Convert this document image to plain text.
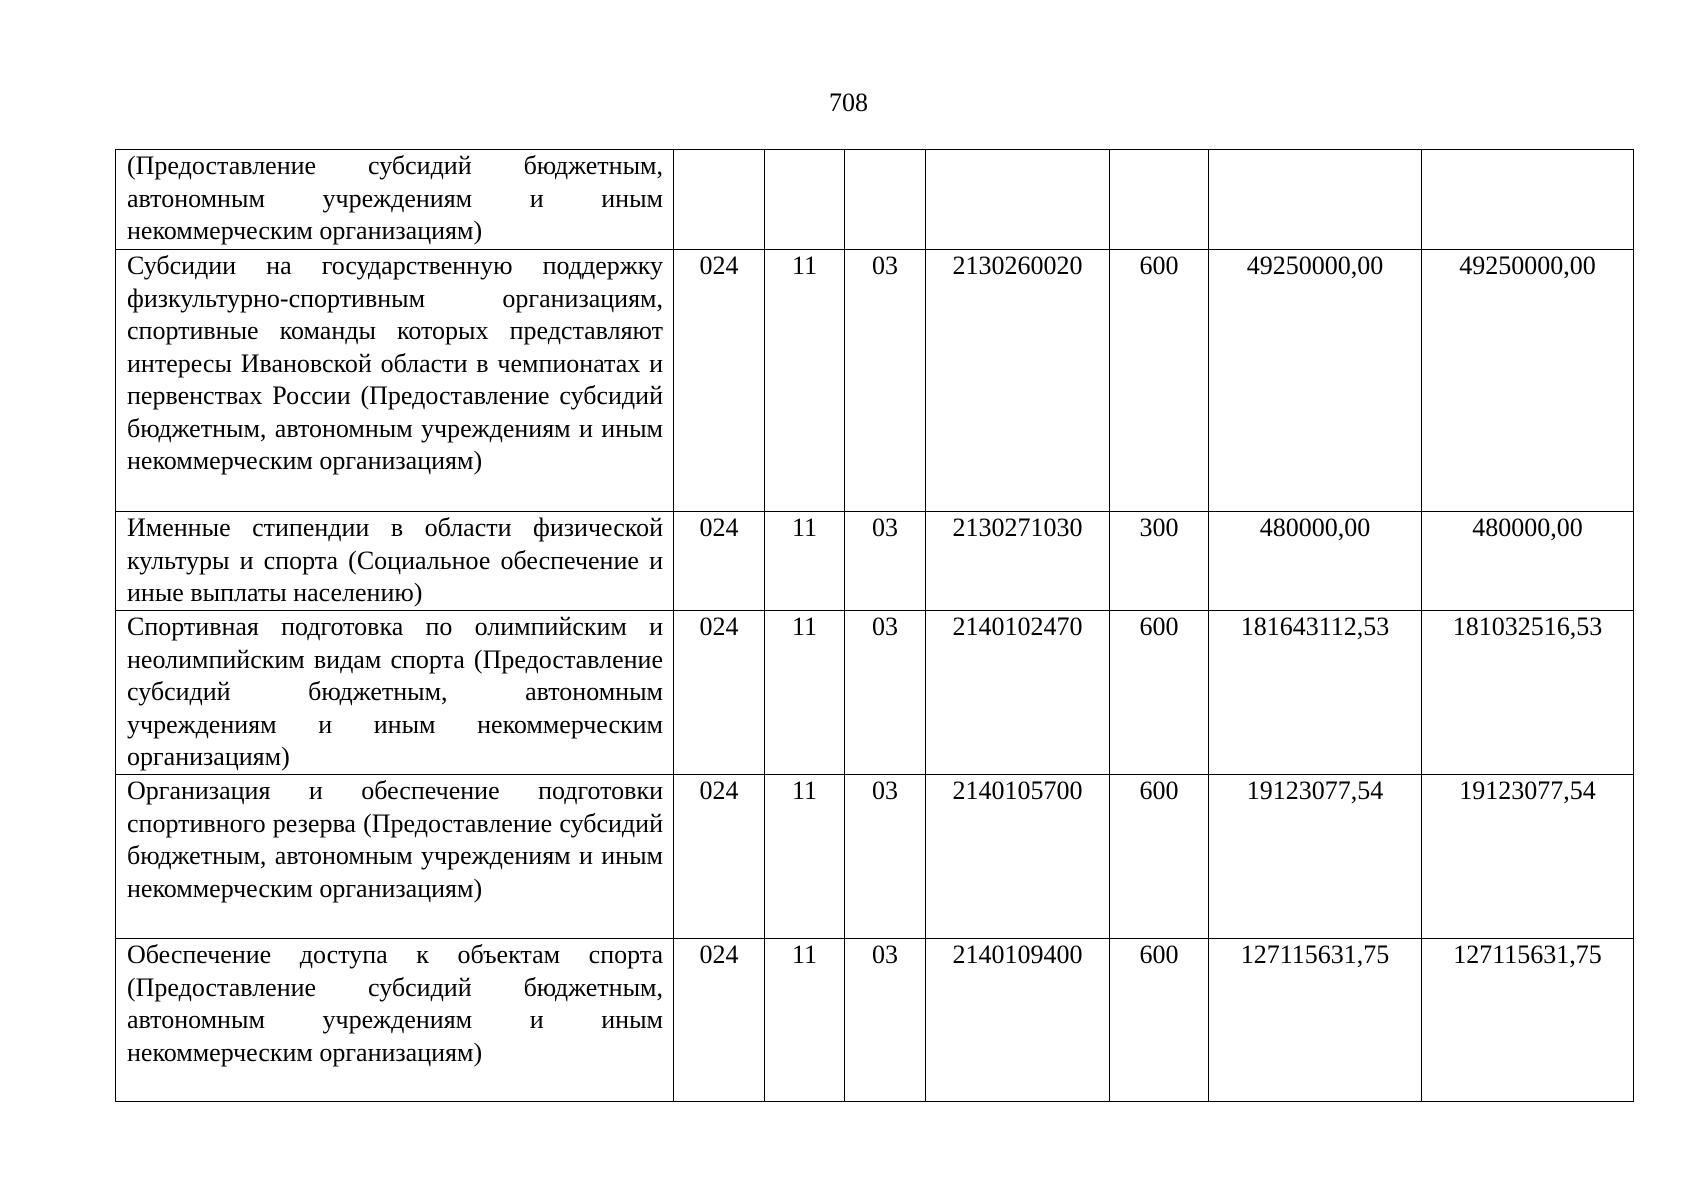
708
(Предоставление субсидий бюджетным, автономным учреждениям и иным некоммерческим организациям)							
Субсидии на государственную поддержку физкультурно-спортивным организациям, спортивные команды которых представляют интересы Ивановской области в чемпионатах и первенствах России (Предоставление субсидий бюджетным, автономным учреждениям и иным некоммерческим организациям)	024	11	03	2130260020	600	49250000,00	49250000,00
Именные стипендии в области физической культуры и спорта (Социальное обеспечение и иные выплаты населению)	024	11	03	2130271030	300	480000,00	480000,00
Спортивная подготовка по олимпийским и неолимпийским видам спорта (Предоставление субсидий бюджетным, автономным учреждениям и иным некоммерческим организациям)	024	11	03	2140102470	600	181643112,53	181032516,53
Организация и обеспечение подготовки спортивного резерва (Предоставление субсидий бюджетным, автономным учреждениям и иным некоммерческим организациям)	024	11	03	2140105700	600	19123077,54	19123077,54
Обеспечение доступа к объектам спорта (Предоставление субсидий бюджетным, автономным учреждениям и иным некоммерческим организациям)	024	11	03	2140109400	600	127115631,75	127115631,75
